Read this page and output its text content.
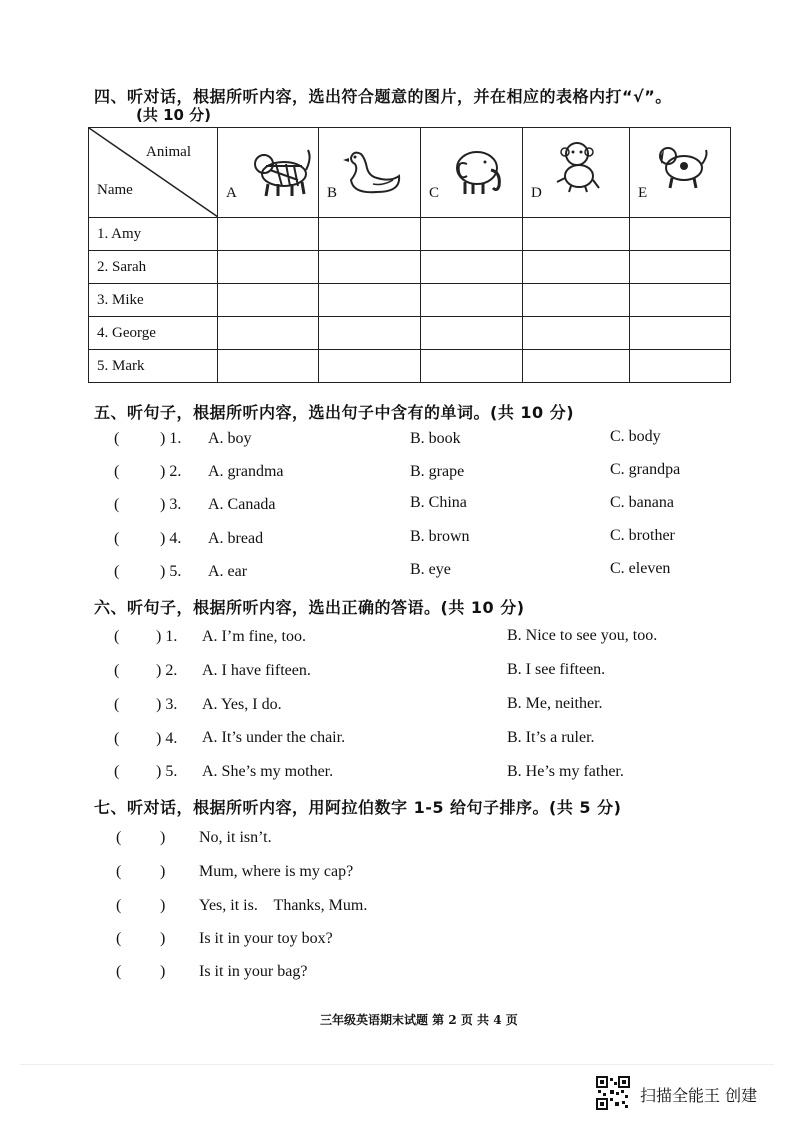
四、听对话，根据所听内容，选出符合题意的图片，并在相应的表格内打“√”。
(共 10 分)
Animal
Name	A	B	C	D	E

1. Amy					
2. Sarah					
3. Mike					
4. George					
5. Mark					
五、听句子，根据所听内容，选出句子中含有的单词。(共 10 分)
(	) 1. A. boy	B. book	C. body
(	) 2. A. grandma	B. grape	C. grandpa
(	) 3. A. Canada	B. China	C. banana
(	) 4. A. bread	B. brown	C. brother
(	) 5. A. ear	B. eye	C. eleven
六、听句子，根据所听内容，选出正确的答语。(共 10 分)
( ) 1. A. I’m fine, too.	B. Nice to see you, too.
( ) 2. A. I have fifteen.	B. I see fifteen.
( ) 3. A. Yes, I do.	B. Me, neither.
( ) 4. A. It’s under the chair.	B. It’s a ruler.
( ) 5. A. She’s my mother.	B. He’s my father.
七、听对话，根据所听内容，用阿拉伯数字 1-5 给句子排序。(共 5 分)
( ) No, it isn’t.
( ) Mum, where is my cap?
( ) Yes, it is.    Thanks, Mum.
( ) Is it in your toy box?
( ) Is it in your bag?
三年级英语期末试题 第 2 页 共 4 页
扫描全能王 创建
